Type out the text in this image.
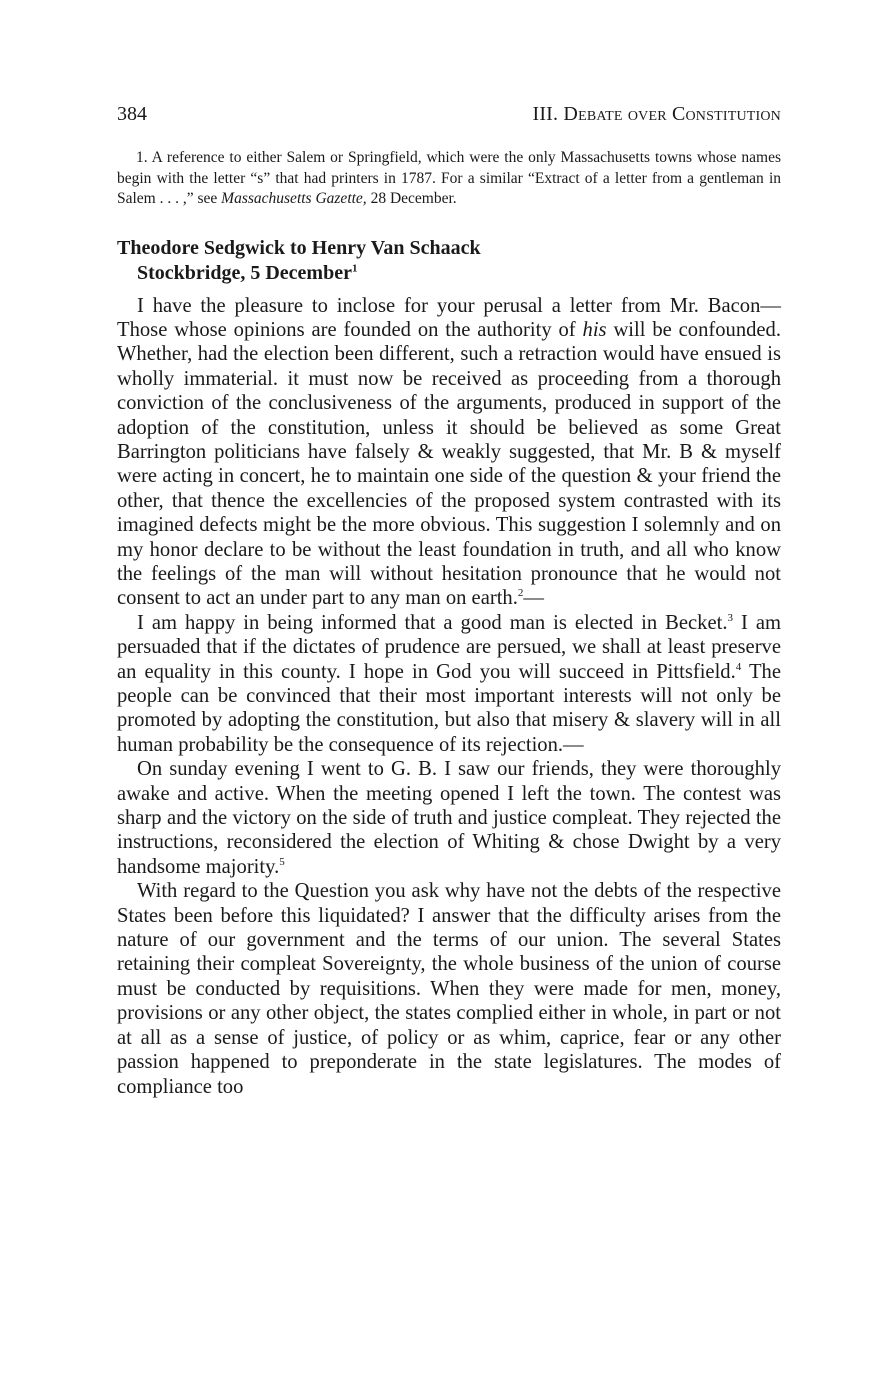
384	III. Debate over Constitution

1. A reference to either Salem or Springfield, which were the only Massachusetts towns whose names begin with the letter “s” that had printers in 1787. For a similar “Extract of a letter from a gentleman in Salem . . . ,” see Massachusetts Gazette, 28 December.

Theodore Sedgwick to Henry Van Schaack
Stockbridge, 5 December$^1$

I have the pleasure to inclose for your perusal a letter from Mr. Bacon—Those whose opinions are founded on the authority of his will be confounded. Whether, had the election been different, such a retraction would have ensued is wholly immaterial. it must now be received as proceeding from a thorough conviction of the conclusiveness of the arguments, produced in support of the adoption of the constitution, unless it should be believed as some Great Barrington politicians have falsely & weakly suggested, that Mr. B & myself were acting in concert, he to maintain one side of the question & your friend the other, that thence the excellencies of the proposed system contrasted with its imagined defects might be the more obvious. This suggestion I solemnly and on my honor declare to be without the least foundation in truth, and all who know the feelings of the man will without hesitation pronounce that he would not consent to act an under part to any man on earth.$^2$—

I am happy in being informed that a good man is elected in Becket.$^3$ I am persuaded that if the dictates of prudence are persued, we shall at least preserve an equality in this county. I hope in God you will succeed in Pittsfield.$^4$ The people can be convinced that their most important interests will not only be promoted by adopting the constitution, but also that misery & slavery will in all human probability be the consequence of its rejection.—

On sunday evening I went to G. B. I saw our friends, they were thoroughly awake and active. When the meeting opened I left the town. The contest was sharp and the victory on the side of truth and justice compleat. They rejected the instructions, reconsidered the election of Whiting & chose Dwight by a very handsome majority.$^5$

With regard to the Question you ask why have not the debts of the respective States been before this liquidated? I answer that the difficulty arises from the nature of our government and the terms of our union. The several States retaining their compleat Sovereignty, the whole business of the union of course must be conducted by requisitions. When they were made for men, money, provisions or any other object, the states complied either in whole, in part or not at all as a sense of justice, of policy or as whim, caprice, fear or any other passion happened to preponderate in the state legislatures. The modes of compliance too
